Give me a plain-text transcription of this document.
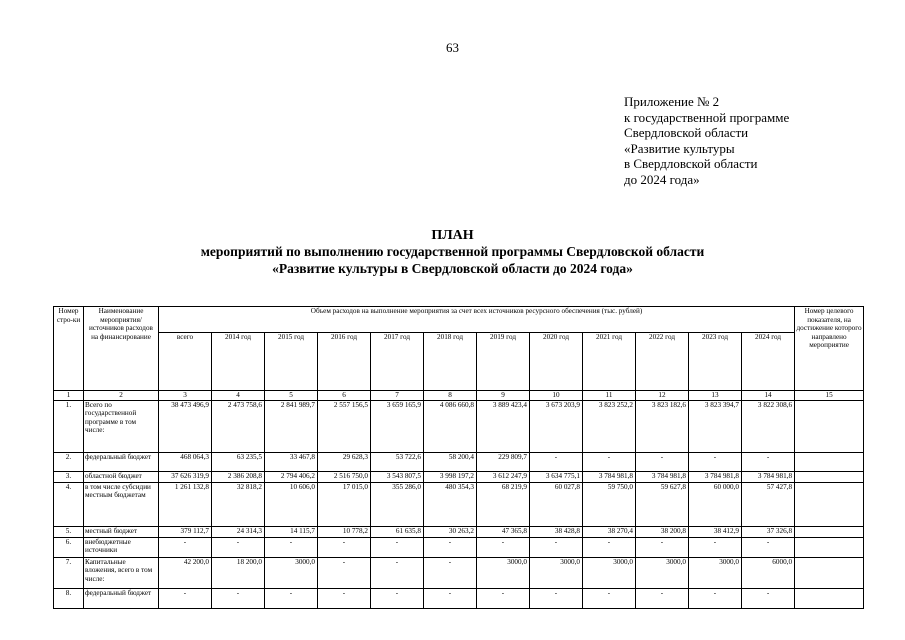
63
Приложение № 2
к государственной программе
Свердловской области
«Развитие культуры
в Свердловской области
до 2024 года»
ПЛАН
мероприятий по выполнению государственной программы Свердловской области
«Развитие культуры в Свердловской области до 2024 года»
Номер стро-ки	Наименование мероприятия/ источников расходов на финансирование	Объем расходов на выполнение мероприятия за счет всех источников ресурсного обеспечения (тыс. рублей)												Номер целевого показателя, на достижение которого направлено мероприятие
		всего	2014 год	2015 год	2016 год	2017 год	2018 год	2019 год	2020 год	2021 год	2022 год	2023 год	2024 год	
1	2	3	4	5	6	7	8	9	10	11	12	13	14	15
1.	Всего по государственной программе в том числе:	38 473 496,9	2 473 758,6	2 841 989,7	2 557 156,5	3 659 165,9	4 086 660,8	3 889 423,4	3 673 203,9	3 823 252,2	3 823 182,6	3 823 394,7	3 822 308,6	
2.	федеральный бюджет	468 064,3	63 235,5	33 467,8	29 628,3	53 722,6	58 200,4	229 809,7	-	-	-	-	-	
3.	областной бюджет	37 626 319,9	2 386 208,8	2 794 406,2	2 516 750,0	3 543 807,5	3 998 197,2	3 612 247,9	3 634 775,1	3 784 981,8	3 784 981,8	3 784 981,8	3 784 981,8	
4.	в том числе субсидии местным бюджетам	1 261 132,8	32 818,2	10 606,0	17 015,0	355 286,0	480 354,3	68 219,9	60 027,8	59 750,0	59 627,8	60 000,0	57 427,8	
5.	местный бюджет	379 112,7	24 314,3	14 115,7	10 778,2	61 635,8	30 263,2	47 365,8	38 428,8	38 270,4	38 200,8	38 412,9	37 326,8	
6.	внебюджетные источники	-	-	-	-	-	-	-	-	-	-	-	-	
7.	Капитальные вложения, всего в том числе:	42 200,0	18 200,0	3000,0	-	-	-	3000,0	3000,0	3000,0	3000,0	3000,0	6000,0	
8.	федеральный бюджет	-	-	-	-	-	-	-	-	-	-	-	-	
